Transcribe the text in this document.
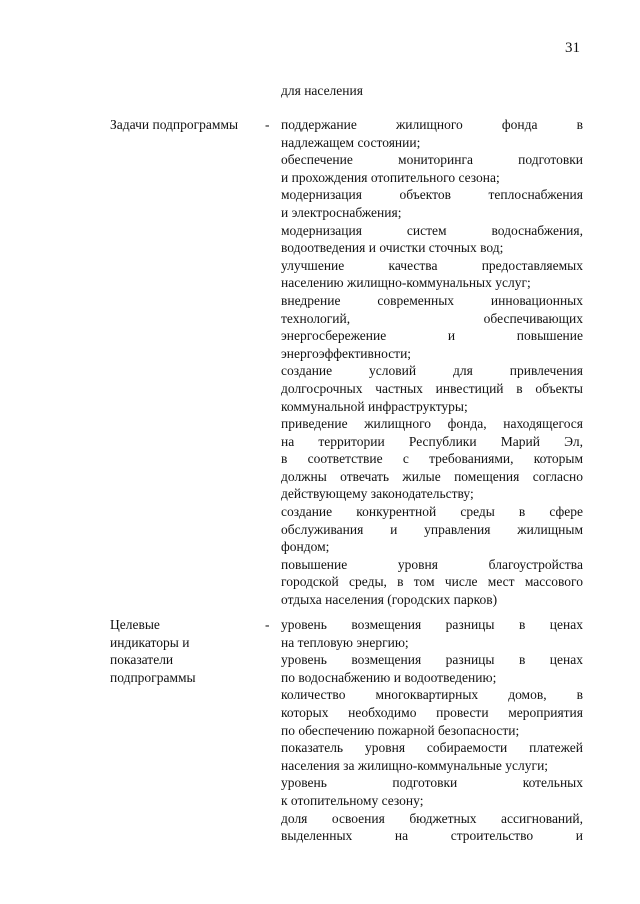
31
для населения
Задачи подпрограммы	- поддержание жилищного фонда в
надлежащем состоянии;
обеспечение мониторинга подготовки
и прохождения отопительного сезона;
модернизация объектов теплоснабжения
и электроснабжения;
модернизация систем водоснабжения,
водоотведения и очистки сточных вод;
улучшение качества предоставляемых
населению жилищно-коммунальных услуг;
внедрение современных инновационных
технологий, обеспечивающих
энергосбережение и повышение
энергоэффективности;
создание условий для привлечения
долгосрочных частных инвестиций в объекты
коммунальной инфраструктуры;
приведение жилищного фонда, находящегося
на территории Республики Марий Эл,
в соответствие с требованиями, которым
должны отвечать жилые помещения согласно
действующему законодательству;
создание конкурентной среды в сфере
обслуживания и управления жилищным
фондом;
повышение уровня благоустройства
городской среды, в том числе мест массового
отдыха населения (городских парков)
Целевые
индикаторы и
показатели
подпрограммы
- уровень возмещения разницы в ценах
на тепловую энергию;
уровень возмещения разницы в ценах
по водоснабжению и водоотведению;
количество многоквартирных домов, в
которых необходимо провести мероприятия
по обеспечению пожарной безопасности;
показатель уровня собираемости платежей
населения за жилищно-коммунальные услуги;
уровень подготовки котельных
к отопительному сезону;
доля освоения бюджетных ассигнований,
выделенных на строительство и
